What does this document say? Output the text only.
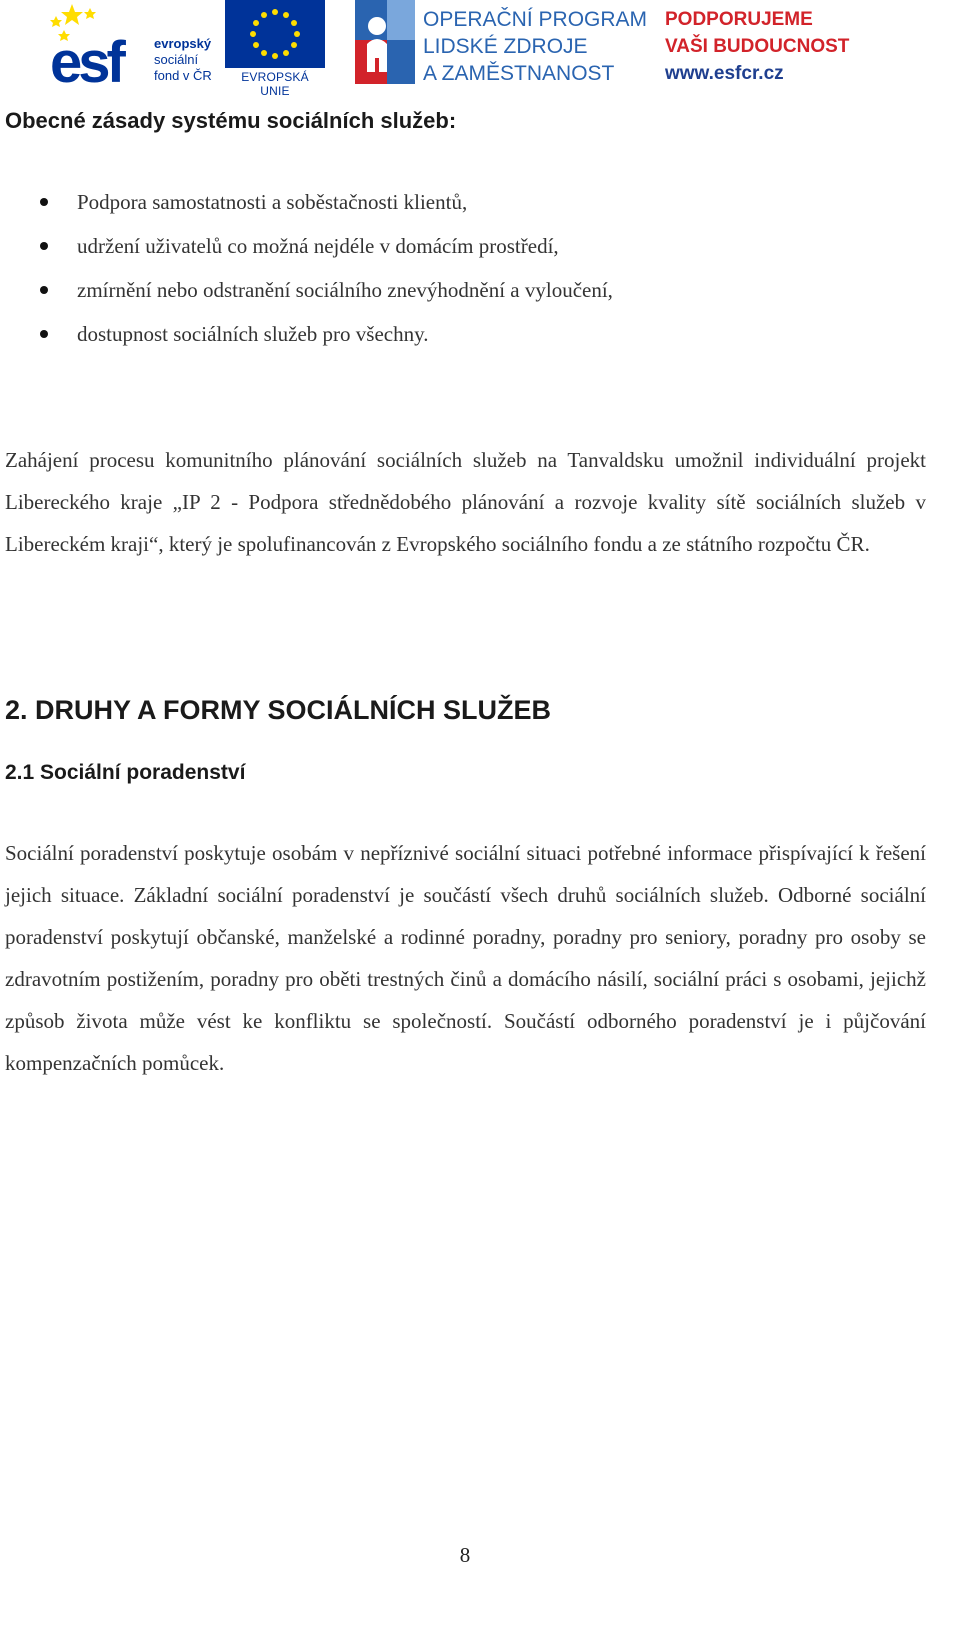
esf	evropský
sociální
fond v ČR	EVROPSKÁ UNIE
OPERAČNÍ PROGRAM
LIDSKÉ ZDROJE
A ZAMĚSTNANOST
PODPORUJEME
VAŠI BUDOUCNOST
www.esfcr.cz
Obecné zásady systému sociálních služeb:
Podpora samostatnosti a soběstačnosti klientů,
udržení uživatelů co možná nejdéle v domácím prostředí,
zmírnění nebo odstranění sociálního znevýhodnění a vyloučení,
dostupnost sociálních služeb pro všechny.

Zahájení procesu komunitního plánování sociálních služeb na Tanvaldsku umožnil individuální projekt Libereckého kraje „IP 2 - Podpora střednědobého plánování a rozvoje kvality sítě sociálních služeb v Libereckém kraji“, který je spolufinancován z Evropského sociálního fondu a ze státního rozpočtu ČR.

2. DRUHY A FORMY SOCIÁLNÍCH SLUŽEB
2.1 Sociální poradenství

Sociální poradenství poskytuje osobám v nepříznivé sociální situaci potřebné informace přispívající k řešení jejich situace. Základní sociální poradenství je součástí všech druhů sociálních služeb. Odborné sociální poradenství poskytují občanské, manželské a rodinné poradny, poradny pro seniory, poradny pro osoby se zdravotním postižením, poradny pro oběti trestných činů a domácího násilí, sociální práci s osobami, jejichž způsob života může vést ke konfliktu se společností. Součástí odborného poradenství je i půjčování kompenzačních pomůcek.

8
